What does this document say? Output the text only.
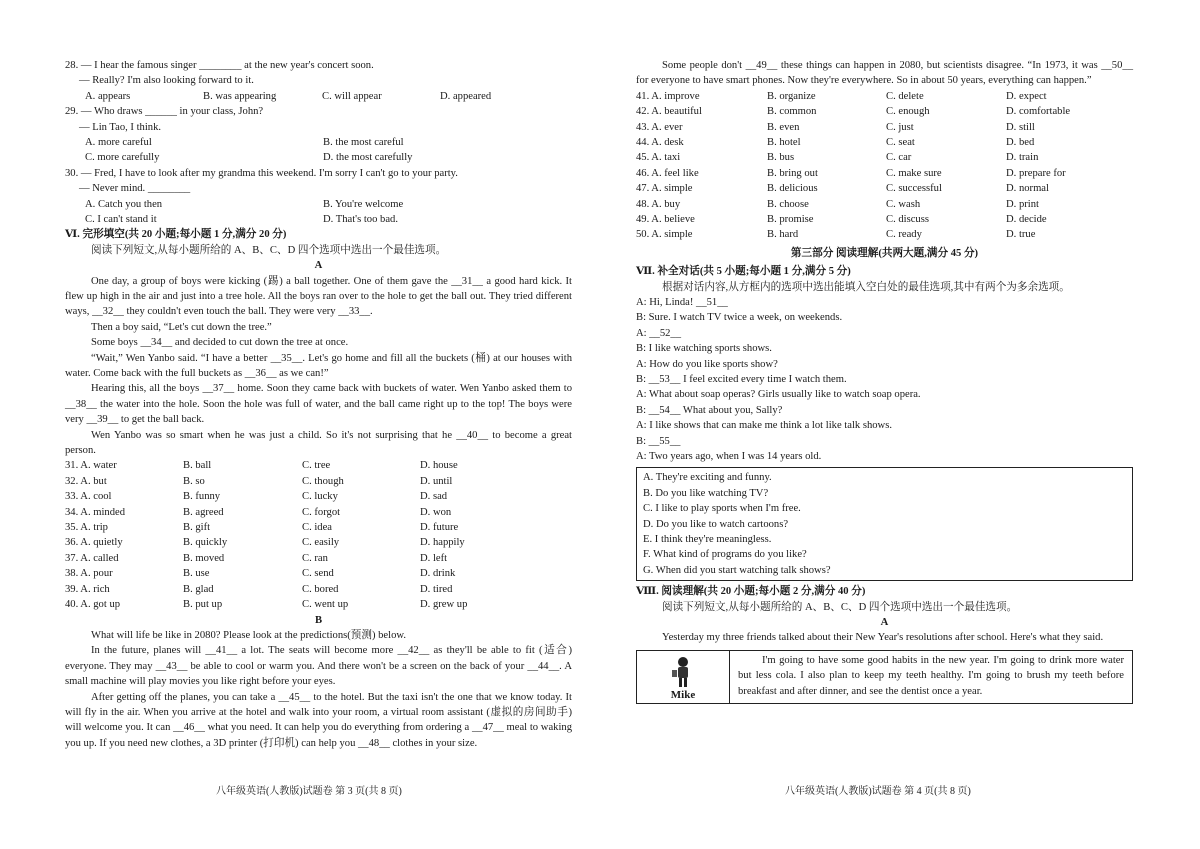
28. — I hear the famous singer ________ at the new year's concert soon.
— Really? I'm also looking forward to it.
A. appears	B. was appearing	C. will appear	D. appeared
29. — Who draws ______ in your class, John?
— Lin Tao, I think.
A. more careful	B. the most careful
C. more carefully	D. the most carefully
30. — Fred, I have to look after my grandma this weekend. I'm sorry I can't go to your party.
— Never mind. ________
A. Catch you then	B. You're welcome
C. I can't stand it	D. That's too bad.
Ⅵ. 完形填空(共 20 小题;每小题 1 分,满分 20 分)
阅读下列短文,从每小题所给的 A、B、C、D 四个选项中选出一个最佳选项。
A
One day, a group of boys were kicking (踢) a ball together. One of them gave the __31__ a good hard kick. It flew up high in the air and just into a tree hole. All the boys ran over to the hole to get the ball out. They tried different ways, __32__ they couldn't even touch the ball. They were very __33__.
Then a boy said, “Let's cut down the tree.”
Some boys __34__ and decided to cut down the tree at once.
“Wait,” Wen Yanbo said. “I have a better __35__. Let's go home and fill all the buckets (桶) at our houses with water. Come back with the full buckets as __36__ as we can!”
Hearing this, all the boys __37__ home. Soon they came back with buckets of water. Wen Yanbo asked them to __38__ the water into the hole. Soon the hole was full of water, and the ball came right up to the top! The boys were very __39__ to get the ball back.
Wen Yanbo was so smart when he was just a child. So it's not surprising that he __40__ to become a great person.
31. A. water	B. ball	C. tree	D. house
32. A. but	B. so	C. though	D. until
33. A. cool	B. funny	C. lucky	D. sad
34. A. minded	B. agreed	C. forgot	D. won
35. A. trip	B. gift	C. idea	D. future
36. A. quietly	B. quickly	C. easily	D. happily
37. A. called	B. moved	C. ran	D. left
38. A. pour	B. use	C. send	D. drink
39. A. rich	B. glad	C. bored	D. tired
40. A. got up	B. put up	C. went up	D. grew up
B
What will life be like in 2080? Please look at the predictions(预测) below.
In the future, planes will __41__ a lot. The seats will become more __42__ as they'll be able to fit (适合) everyone. They may __43__ be able to cool or warm you. And there won't be a screen on the back of your __44__. A small machine will play movies you like right before your eyes.
After getting off the planes, you can take a __45__ to the hotel. But the taxi isn't the one that we know today. It will fly in the air. When you arrive at the hotel and walk into your room, a virtual room assistant (虚拟的房间助手) will welcome you. It can __46__ what you need. It can help you do everything from ordering a __47__ meal to waking you up. If you need new clothes, a 3D printer (打印机) can help you __48__ clothes in your size.
八年级英语(人教版)试题卷 第 3 页(共 8 页)
Some people don't __49__ these things can happen in 2080, but scientists disagree. “In 1973, it was __50__ for everyone to have smart phones. Now they're everywhere. So in about 50 years, everything can happen.”
41. A. improve	B. organize	C. delete	D. expect
42. A. beautiful	B. common	C. enough	D. comfortable
43. A. ever	B. even	C. just	D. still
44. A. desk	B. hotel	C. seat	D. bed
45. A. taxi	B. bus	C. car	D. train
46. A. feel like	B. bring out	C. make sure	D. prepare for
47. A. simple	B. delicious	C. successful	D. normal
48. A. buy	B. choose	C. wash	D. print
49. A. believe	B. promise	C. discuss	D. decide
50. A. simple	B. hard	C. ready	D. true
第三部分 阅读理解(共两大题,满分 45 分)
Ⅶ. 补全对话(共 5 小题;每小题 1 分,满分 5 分)
根据对话内容,从方框内的选项中选出能填入空白处的最佳选项,其中有两个为多余选项。
A: Hi, Linda! __51__
B: Sure. I watch TV twice a week, on weekends.
A: __52__
B: I like watching sports shows.
A: How do you like sports show?
B: __53__ I feel excited every time I watch them.
A: What about soap operas? Girls usually like to watch soap opera.
B: __54__ What about you, Sally?
A: I like shows that can make me think a lot like talk shows.
B: __55__
A: Two years ago, when I was 14 years old.
A. They're exciting and funny.
B. Do you like watching TV?
C. I like to play sports when I'm free.
D. Do you like to watch cartoons?
E. I think they're meaningless.
F. What kind of programs do you like?
G. When did you start watching talk shows?
Ⅷ. 阅读理解(共 20 小题;每小题 2 分,满分 40 分)
阅读下列短文,从每小题所给的 A、B、C、D 四个选项中选出一个最佳选项。
A
Yesterday my three friends talked about their New Year's resolutions after school. Here's what they said.
Mike
I'm going to have some good habits in the new year. I'm going to drink more water but less cola. I also plan to keep my teeth healthy. I'm going to brush my teeth before breakfast and after dinner, and see the dentist once a year.
八年级英语(人教版)试题卷 第 4 页(共 8 页)
